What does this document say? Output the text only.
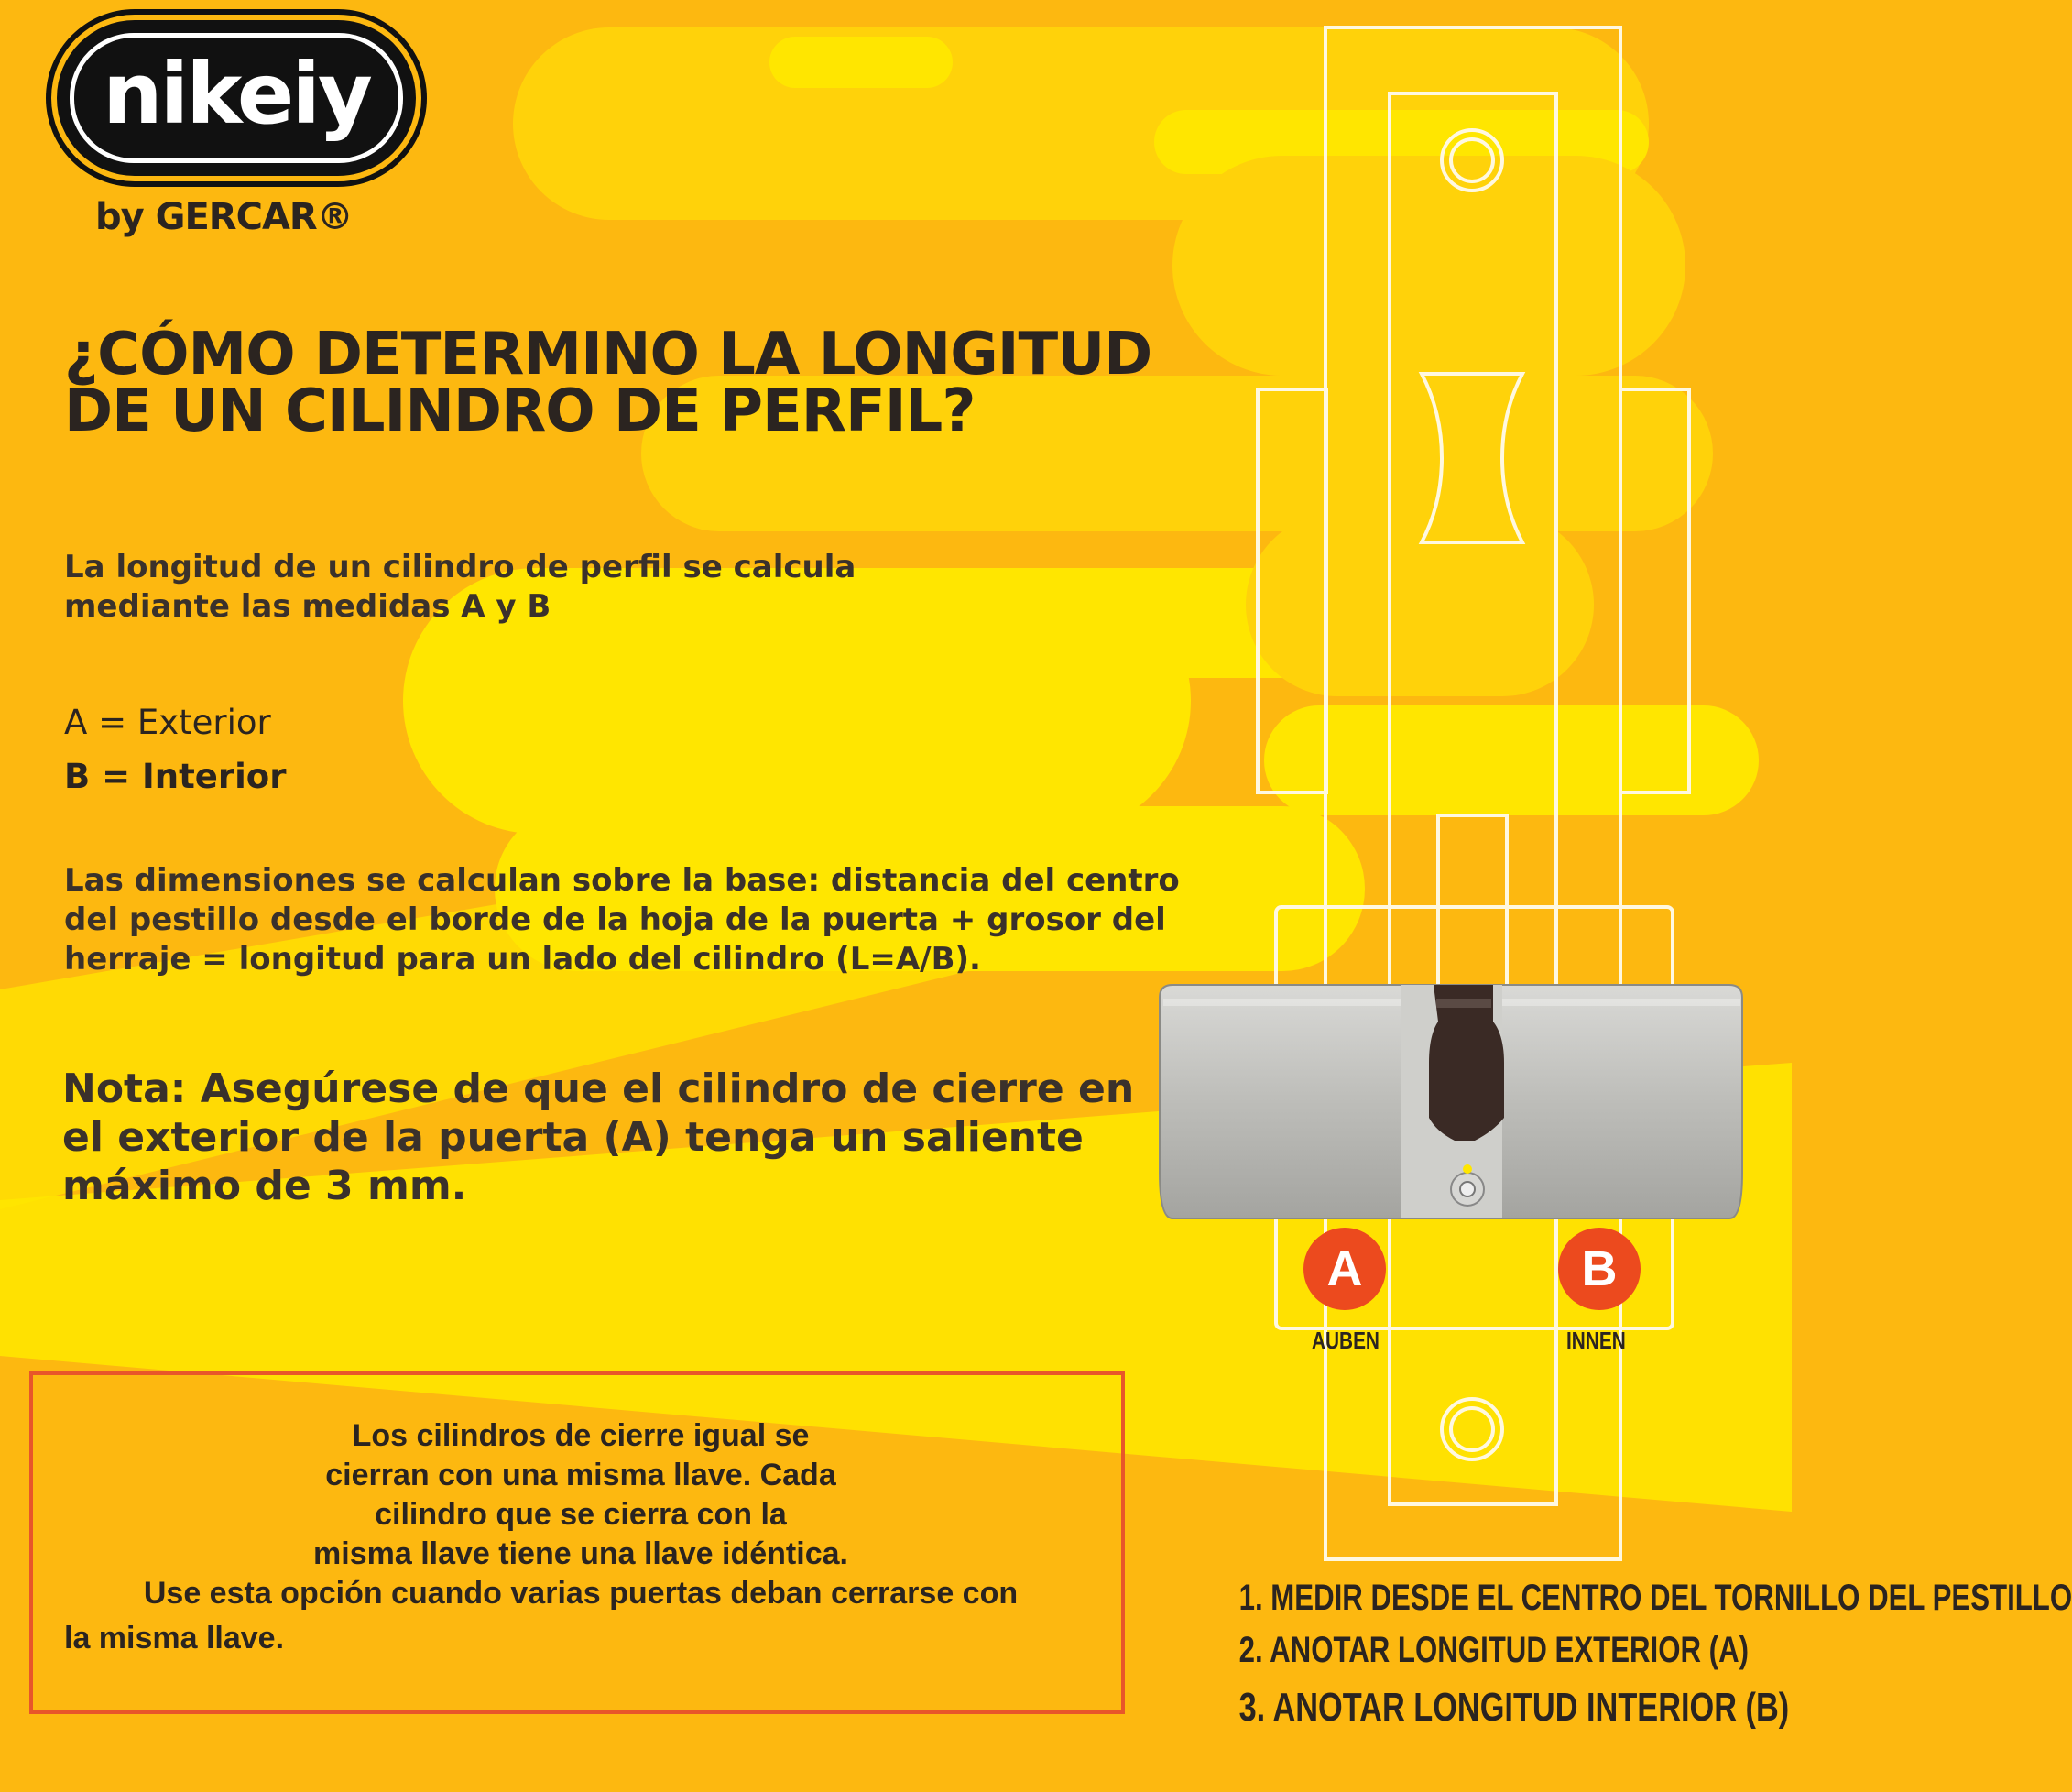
nikeiy
by GERCAR®
¿CÓMO DETERMINO LA LONGITUD
DE UN CILINDRO DE PERFIL?
La longitud de un cilindro de perfil se calcula
mediante las medidas A y B
A = Exterior
B = Interior
Las dimensiones se calculan sobre la base: distancia del centro
del pestillo desde el borde de la hoja de la puerta + grosor del
herraje = longitud para un lado del cilindro (L=A/B).
Nota: Asegúrese de que el cilindro de cierre en
el exterior de la puerta (A) tenga un saliente
máximo de 3 mm.
Los cilindros de cierre igual se
cierran con una misma llave. Cada
cilindro que se cierra con la
misma llave tiene una llave idéntica.
Use esta opción cuando varias puertas deban cerrarse con
la misma llave.
A
AUBEN
B
INNEN
1. MEDIR DESDE EL CENTRO DEL TORNILLO DEL PESTILLO
2. ANOTAR LONGITUD EXTERIOR (A)
3. ANOTAR LONGITUD INTERIOR (B)
